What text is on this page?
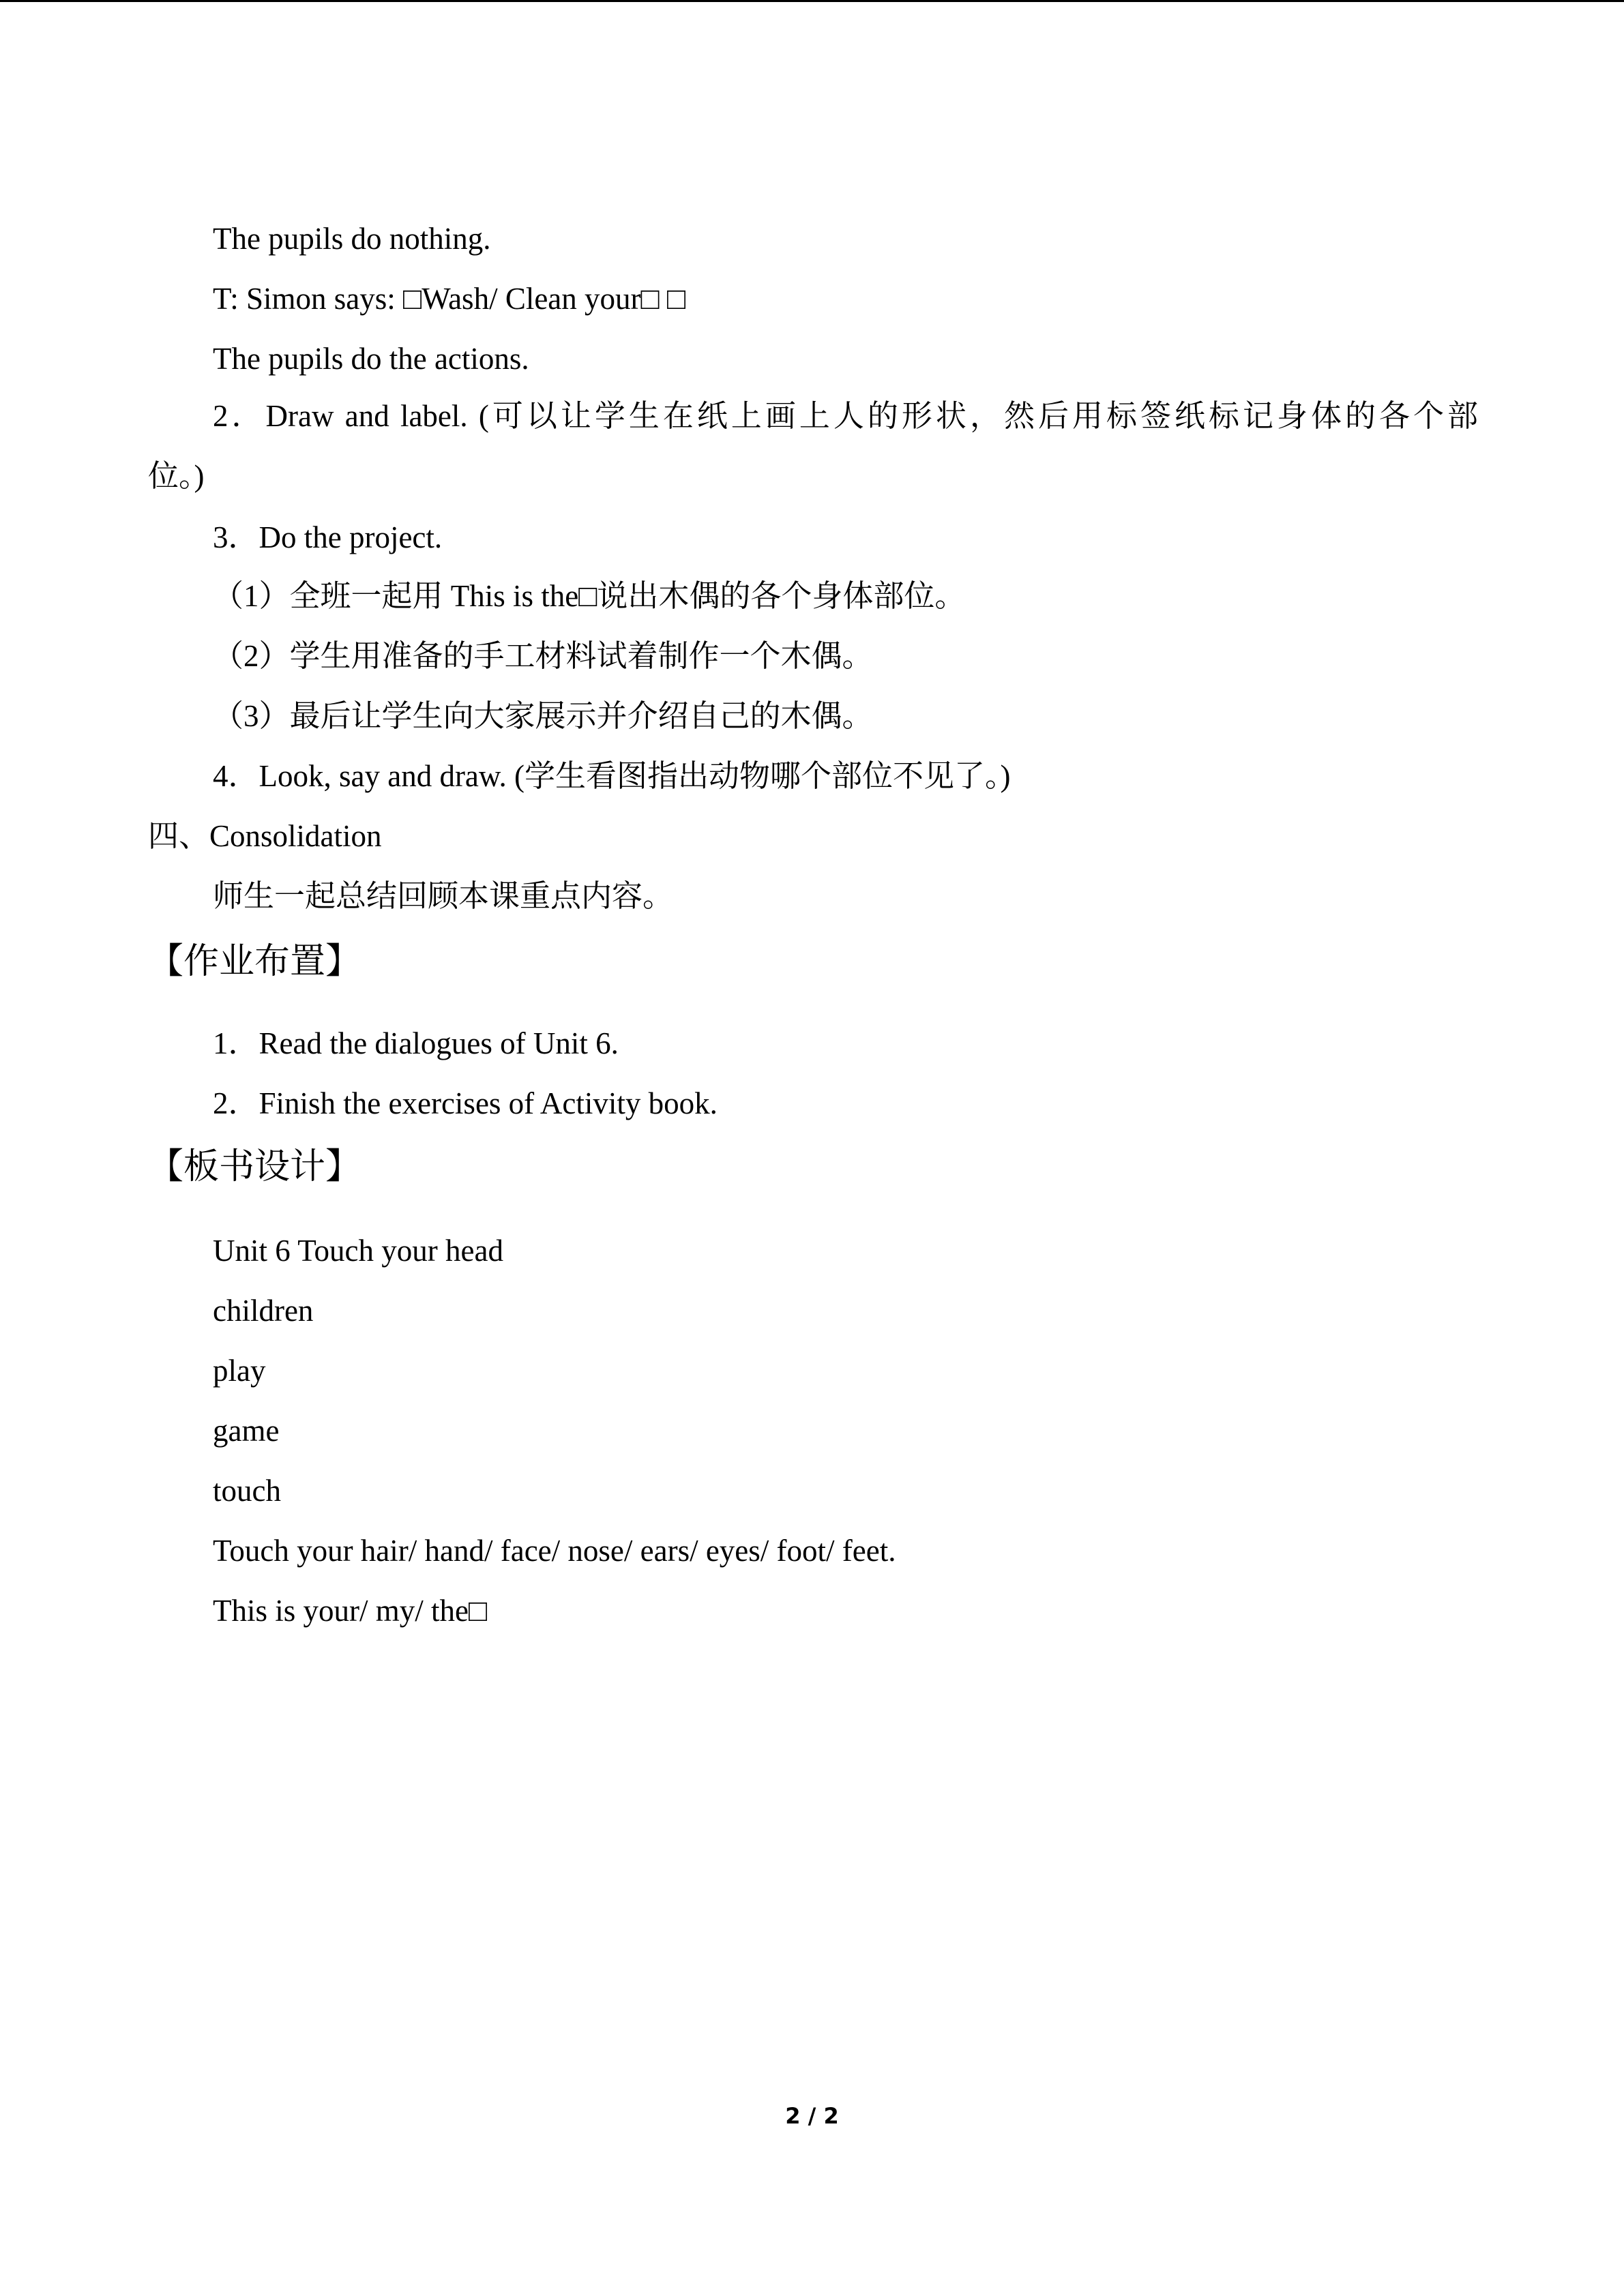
The pupils do nothing.
T: Simon says: □Wash/ Clean your□ □
The pupils do the actions.
2．Draw and label. (可以让学生在纸上画上人的形状，然后用标签纸标记身体的各个部
位。)
3．Do the project.
（1）全班一起用 This is the□说出木偶的各个身体部位。
（2）学生用准备的手工材料试着制作一个木偶。
（3）最后让学生向大家展示并介绍自己的木偶。
4．Look, say and draw. (学生看图指出动物哪个部位不见了。)
四、Consolidation
师生一起总结回顾本课重点内容。
【作业布置】
1．Read the dialogues of Unit 6.
2．Finish the exercises of Activity book.
【板书设计】
Unit 6 Touch your head
children
play
game
touch
Touch your hair/ hand/ face/ nose/ ears/ eyes/ foot/ feet.
This is your/ my/ the□
2 / 2
